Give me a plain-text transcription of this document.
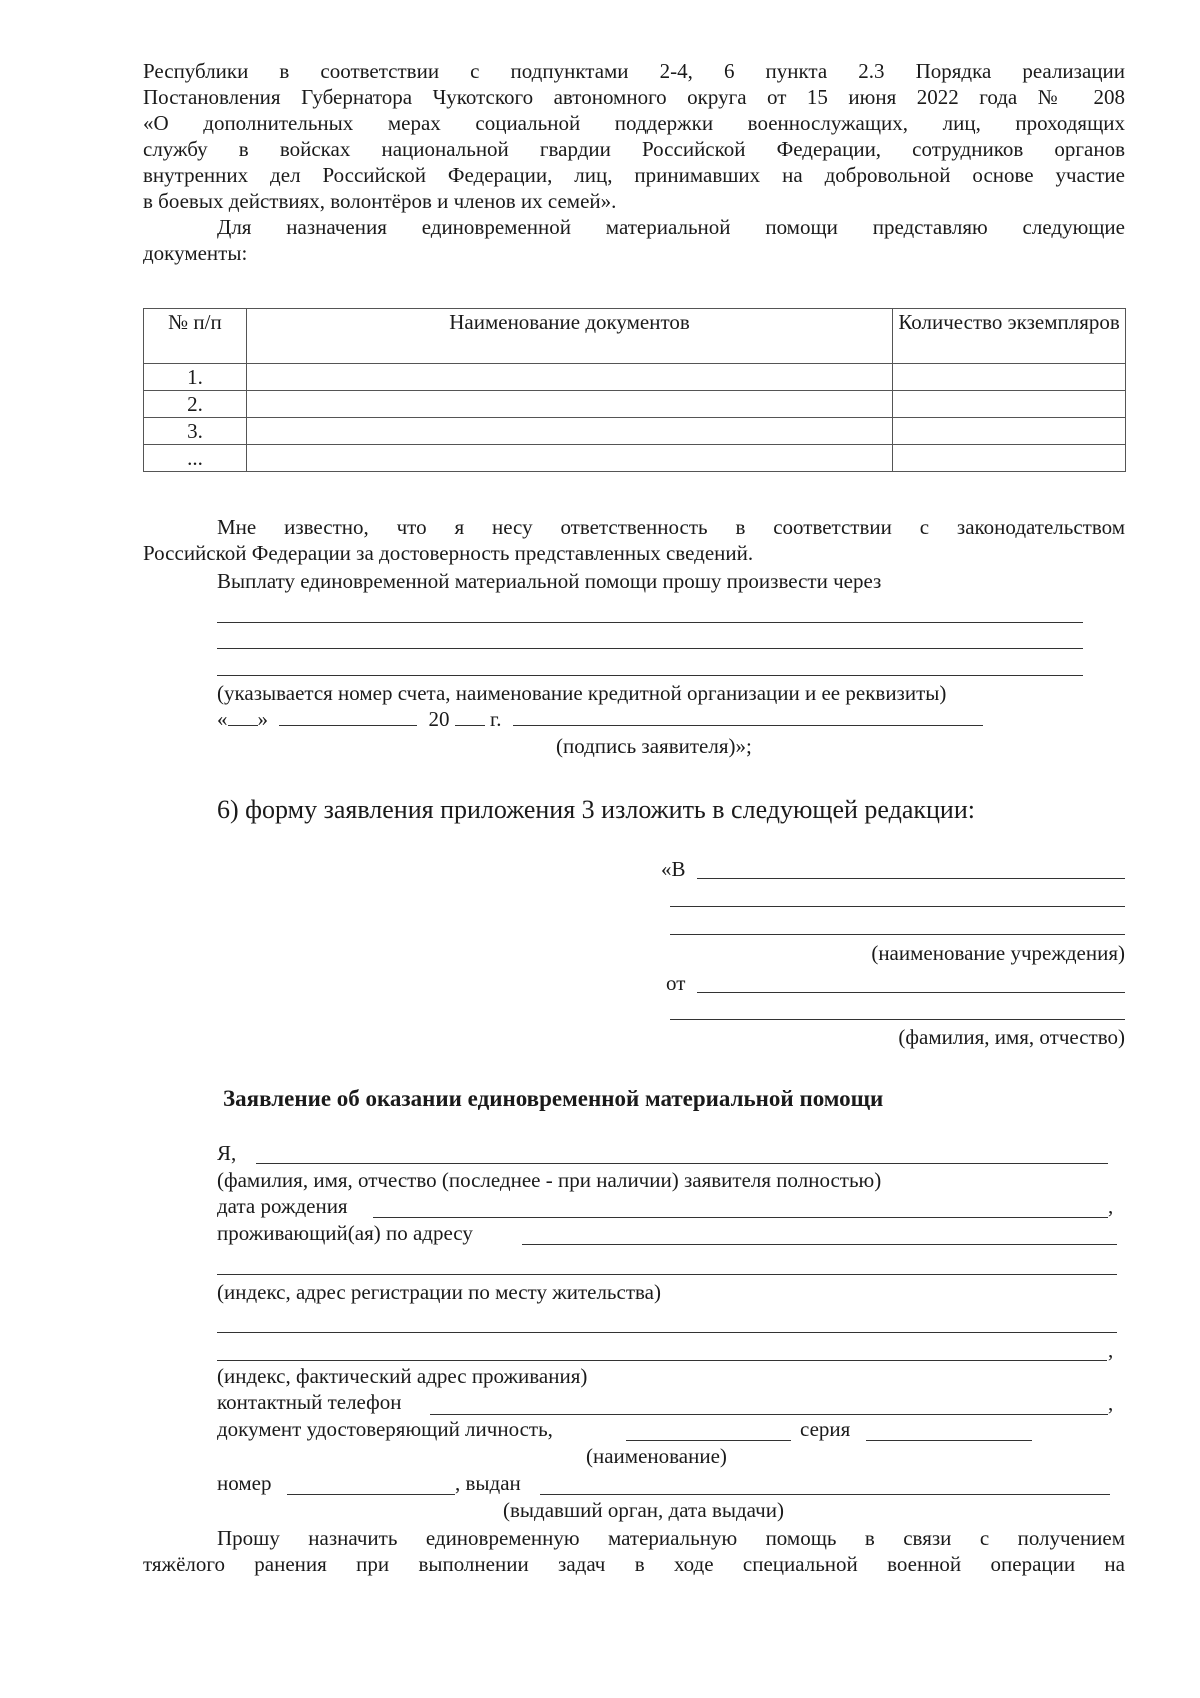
Республики в соответствии с подпунктами 2-4, 6 пункта 2.3 Порядка реализации
Постановления Губернатора Чукотского автономного округа от 15 июня 2022 года № 208
«О дополнительных мерах социальной поддержки военнослужащих, лиц, проходящих
службу в войсках национальной гвардии Российской Федерации, сотрудников органов
внутренних дел Российской Федерации, лиц, принимавших на добровольной основе участие
в боевых действиях, волонтёров и членов их семей».
Для назначения единовременной материальной помощи представляю следующие
документы:
№ п/п	Наименование документов	Количество экземпляров
1.		
2.		
3.		
...		
Мне известно, что я несу ответственность в соответствии с законодательством
Российской Федерации за достоверность представленных сведений.
Выплату единовременной материальной помощи прошу произвести через
(указывается номер счета, наименование кредитной организации и ее реквизиты)
« »	20 г.
(подпись заявителя)»;
6) форму заявления приложения 3 изложить в следующей редакции:
«В
(наименование учреждения)
от
(фамилия, имя, отчество)
Заявление об оказании единовременной материальной помощи
Я,
(фамилия, имя, отчество (последнее - при наличии) заявителя полностью)
дата рождения	,
проживающий(ая) по адресу
(индекс, адрес регистрации по месту жительства)
,
(индекс, фактический адрес проживания)
контактный телефон	,
документ удостоверяющий личность,	серия
(наименование)
номер	, выдан
(выдавший орган, дата выдачи)
Прошу назначить единовременную материальную помощь в связи с получением
тяжёлого ранения при выполнении задач в ходе специальной военной операции на
